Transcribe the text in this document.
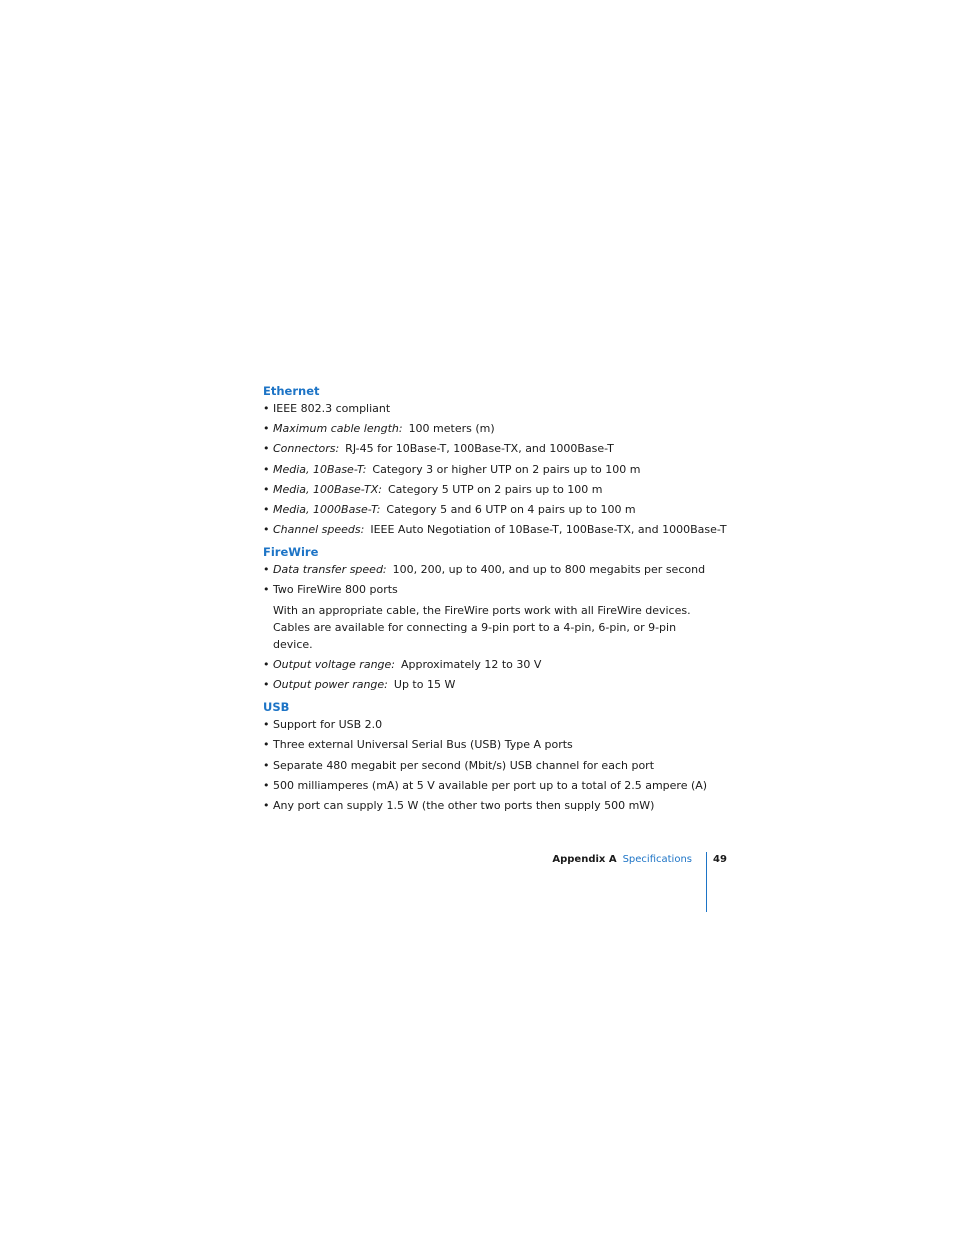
Ethernet
• IEEE 802.3 compliant
• Maximum cable length: 100 meters (m)
• Connectors: RJ-45 for 10Base-T, 100Base-TX, and 1000Base-T
• Media, 10Base-T: Category 3 or higher UTP on 2 pairs up to 100 m
• Media, 100Base-TX: Category 5 UTP on 2 pairs up to 100 m
• Media, 1000Base-T: Category 5 and 6 UTP on 4 pairs up to 100 m
• Channel speeds: IEEE Auto Negotiation of 10Base-T, 100Base-TX, and 1000Base-T
FireWire
• Data transfer speed: 100, 200, up to 400, and up to 800 megabits per second
• Two FireWire 800 ports

With an appropriate cable, the FireWire ports work with all FireWire devices. Cables are available for connecting a 9-pin port to a 4-pin, 6-pin, or 9-pin device.

• Output voltage range: Approximately 12 to 30 V
• Output power range: Up to 15 W
USB
• Support for USB 2.0
• Three external Universal Serial Bus (USB) Type A ports
• Separate 480 megabit per second (Mbit/s) USB channel for each port
• 500 milliamperes (mA) at 5 V available per port up to a total of 2.5 ampere (A)
• Any port can supply 1.5 W (the other two ports then supply 500 mW)
Appendix A Specifications 49
